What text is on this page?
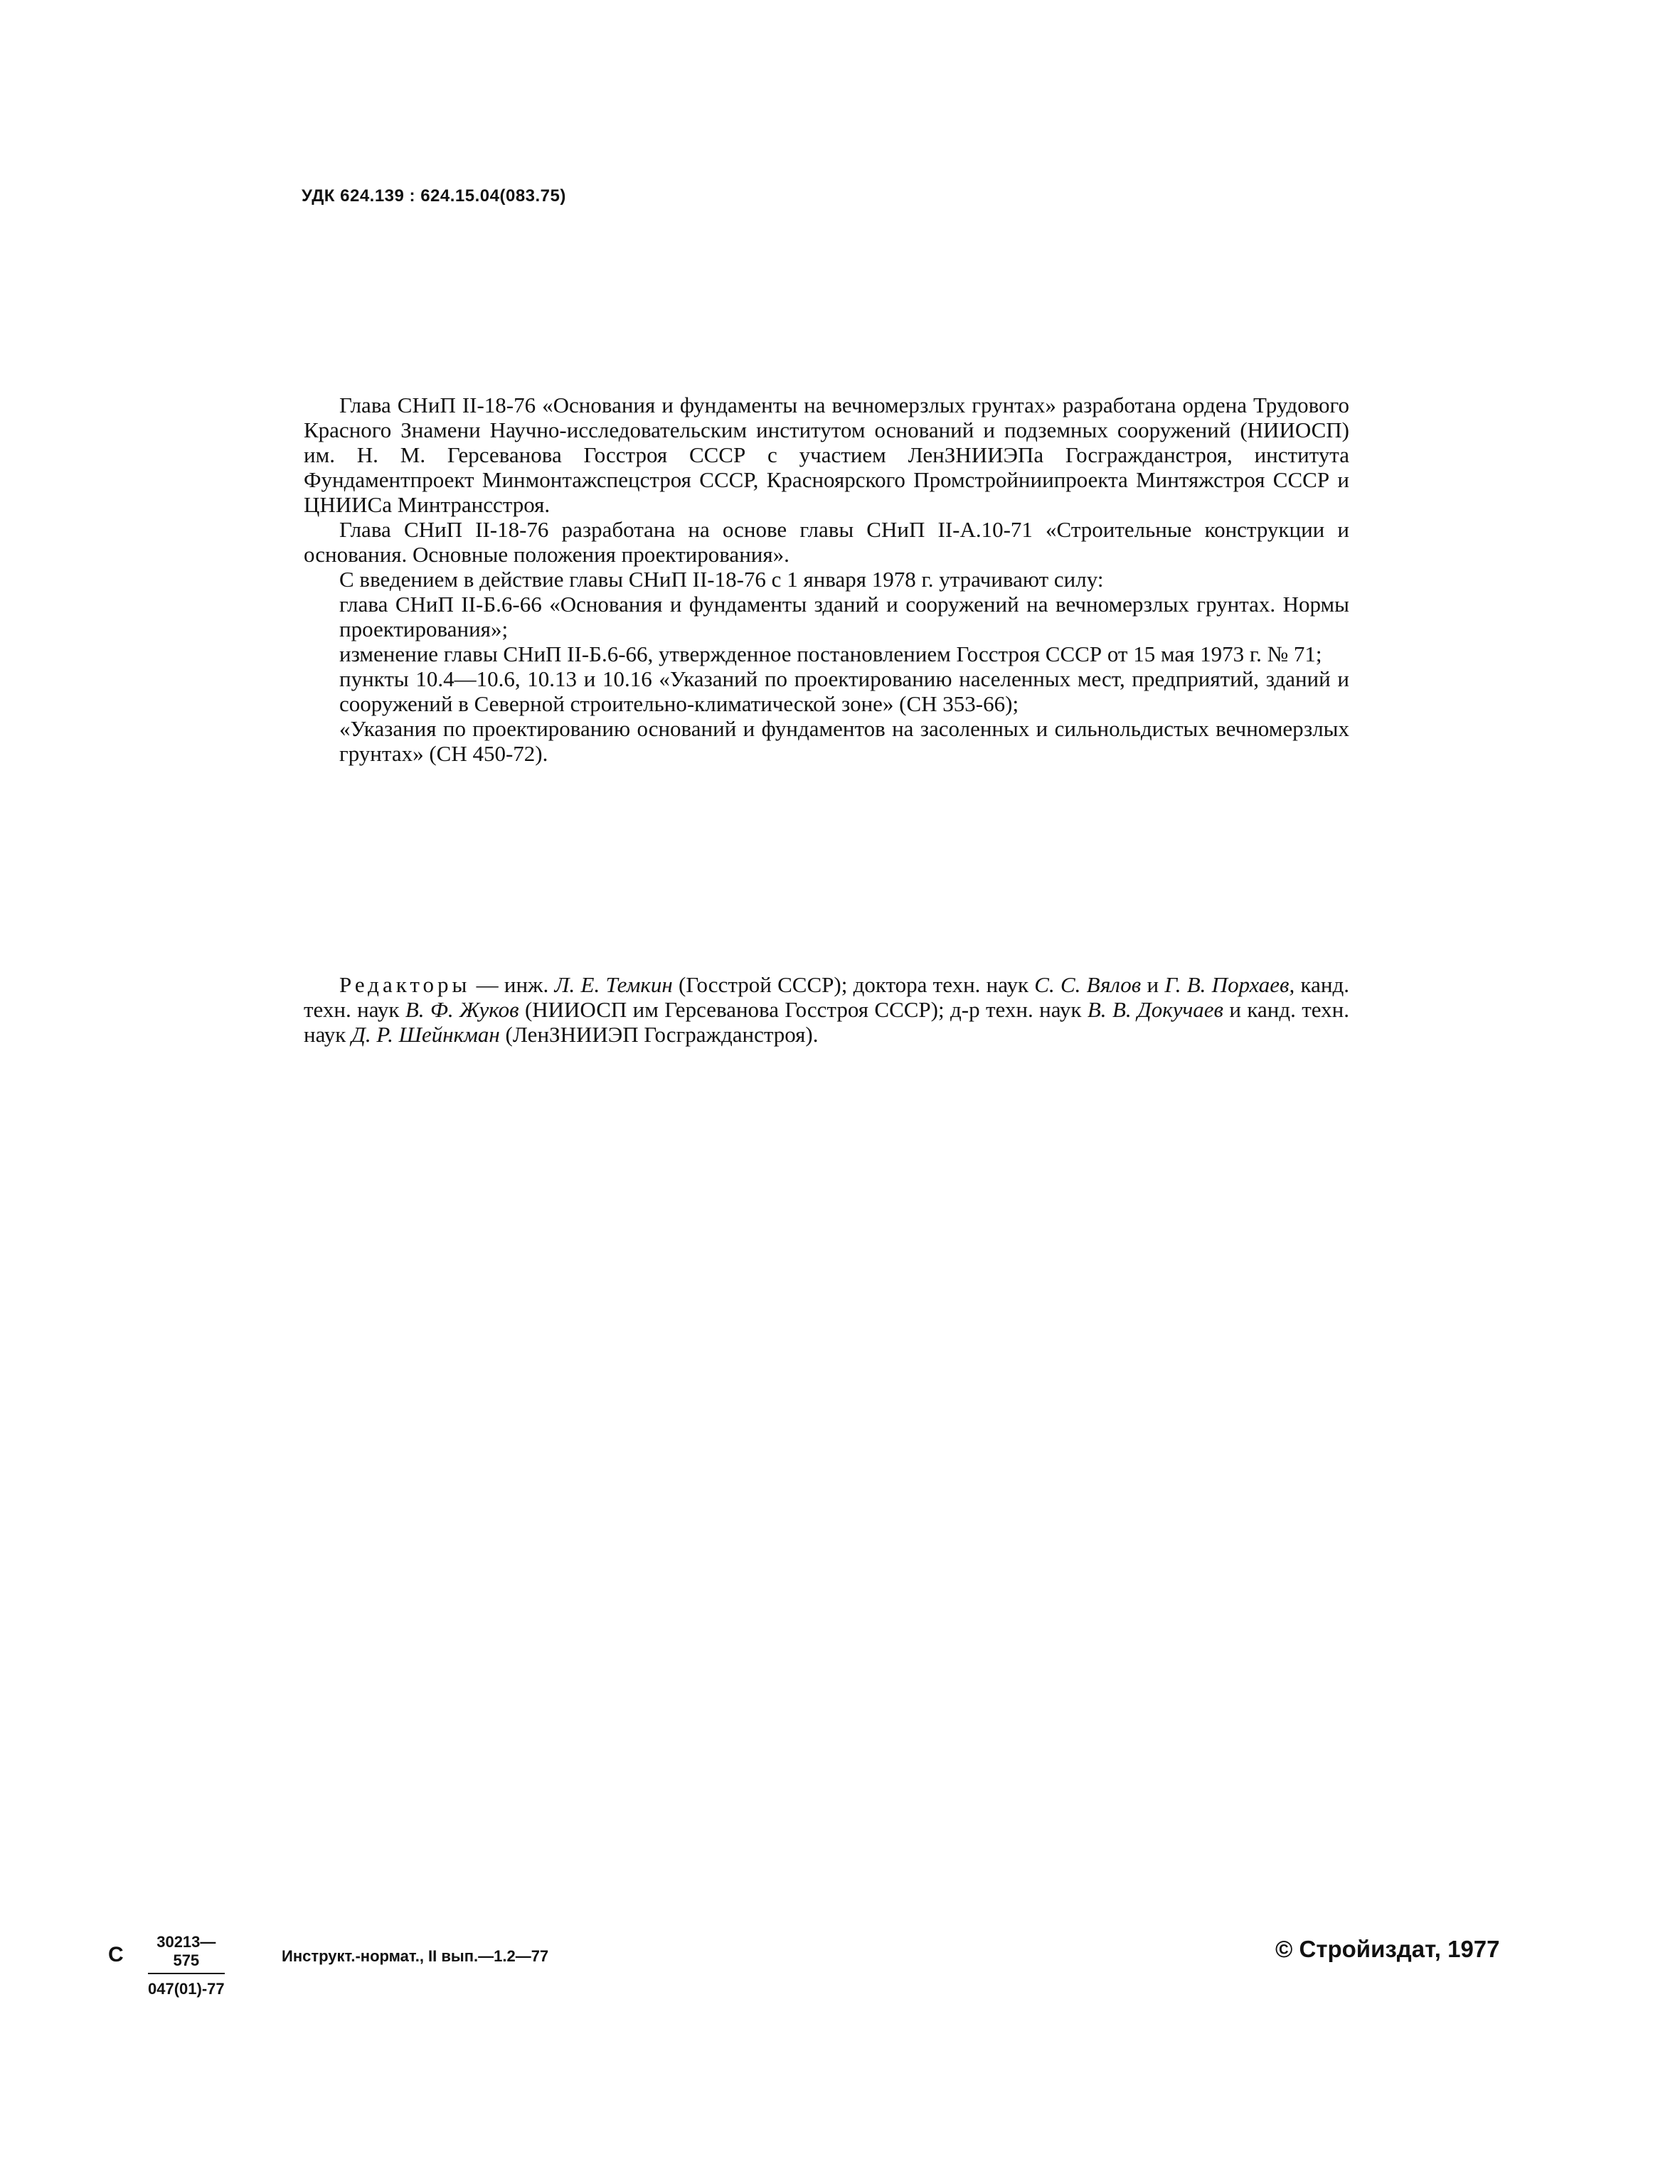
УДК 624.139 : 624.15.04(083.75)

Глава СНиП II-18-76 «Основания и фундаменты на вечномерзлых грунтах» разработана ордена Трудового Красного Знамени Научно-исследовательским институтом оснований и подземных сооружений (НИИОСП) им. Н. М. Герсеванова Госстроя СССР с участием ЛенЗНИИЭПа Госгражданстроя, института Фундаментпроект Минмонтажспецстроя СССР, Красноярского Промстройниипроекта Минтяжстроя СССР и ЦНИИСа Минтрансстроя.

Глава СНиП II-18-76 разработана на основе главы СНиП II-А.10-71 «Строительные конструкции и основания. Основные положения проектирования».

С введением в действие главы СНиП II-18-76 с 1 января 1978 г. утрачивают силу:

глава СНиП II-Б.6-66 «Основания и фундаменты зданий и сооружений на вечномерзлых грунтах. Нормы проектирования»;

изменение главы СНиП II-Б.6-66, утвержденное постановлением Госстроя СССР от 15 мая 1973 г. № 71;

пункты 10.4—10.6, 10.13 и 10.16 «Указаний по проектированию населенных мест, предприятий, зданий и сооружений в Северной строительно-климатической зоне» (СН 353-66);

«Указания по проектированию оснований и фундаментов на засоленных и сильнольдистых вечномерзлых грунтах» (СН 450-72).

Редакторы — инж. Л. Е. Темкин (Госстрой СССР); доктора техн. наук С. С. Вялов и Г. В. Порхаев, канд. техн. наук В. Ф. Жуков (НИИОСП им Герсеванова Госстроя СССР); д-р техн. наук В. В. Докучаев и канд. техн. наук Д. Р. Шейнкман (ЛенЗНИИЭП Госгражданстроя).
С $\frac{30213—575}{047(01)-77}$	Инструкт.-нормат., II вып.—1.2—77	© Стройиздат, 1977
